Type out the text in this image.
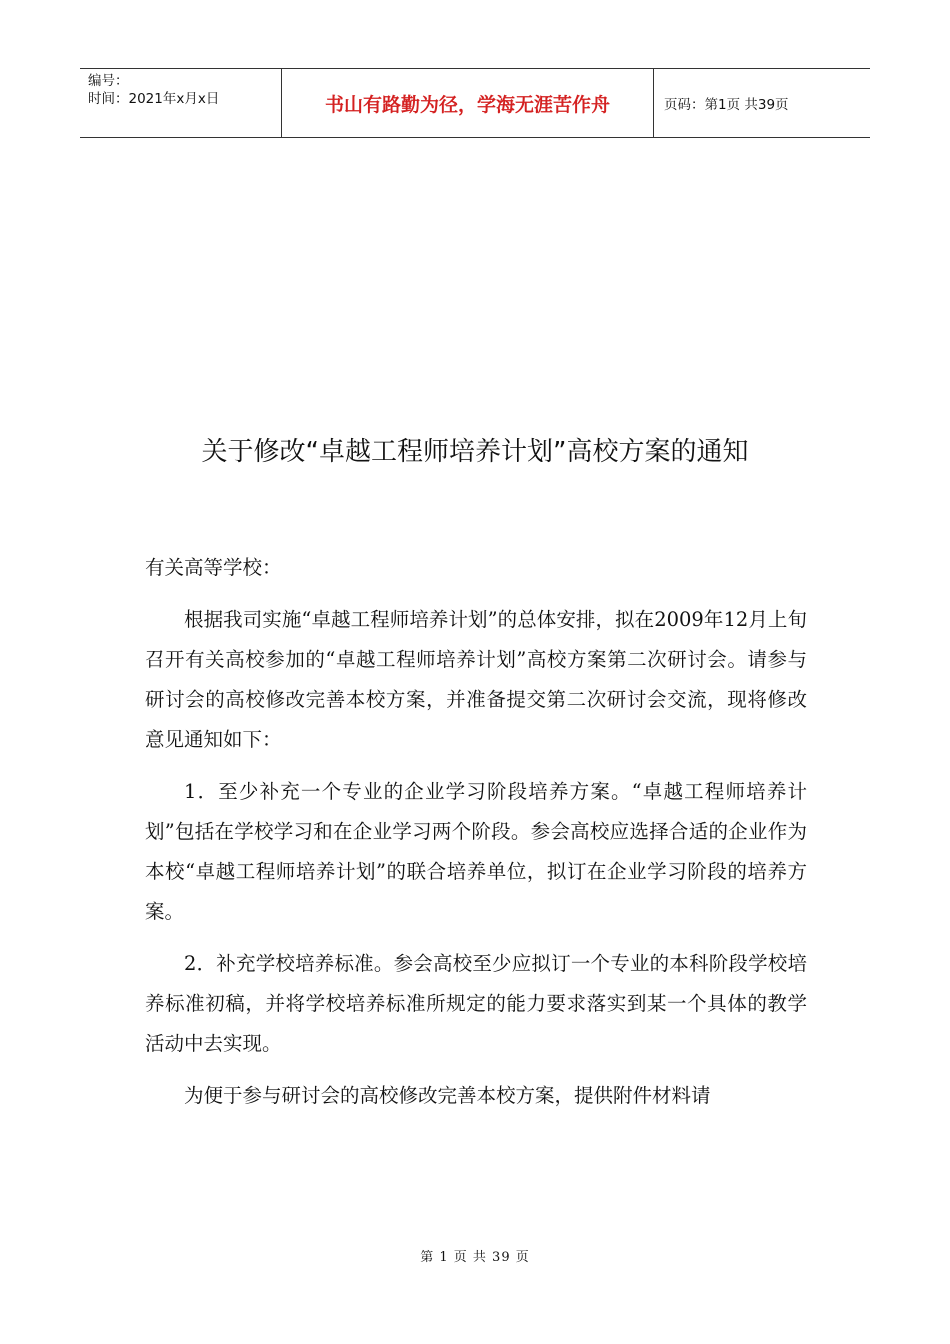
编号：
时间：2021年x月x日	书山有路勤为径，学海无涯苦作舟	页码：第1页 共39页
关于修改“卓越工程师培养计划”高校方案的通知

有关高等学校：

根据我司实施“卓越工程师培养计划”的总体安排，拟在2009年12月上旬召开有关高校参加的“卓越工程师培养计划”高校方案第二次研讨会。请参与研讨会的高校修改完善本校方案，并准备提交第二次研讨会交流，现将修改意见通知如下：

1．至少补充一个专业的企业学习阶段培养方案。“卓越工程师培养计划”包括在学校学习和在企业学习两个阶段。参会高校应选择合适的企业作为本校“卓越工程师培养计划”的联合培养单位，拟订在企业学习阶段的培养方案。

2．补充学校培养标准。参会高校至少应拟订一个专业的本科阶段学校培养标准初稿，并将学校培养标准所规定的能力要求落实到某一个具体的教学活动中去实现。

为便于参与研讨会的高校修改完善本校方案，提供附件材料请

第 1 页 共 39 页
